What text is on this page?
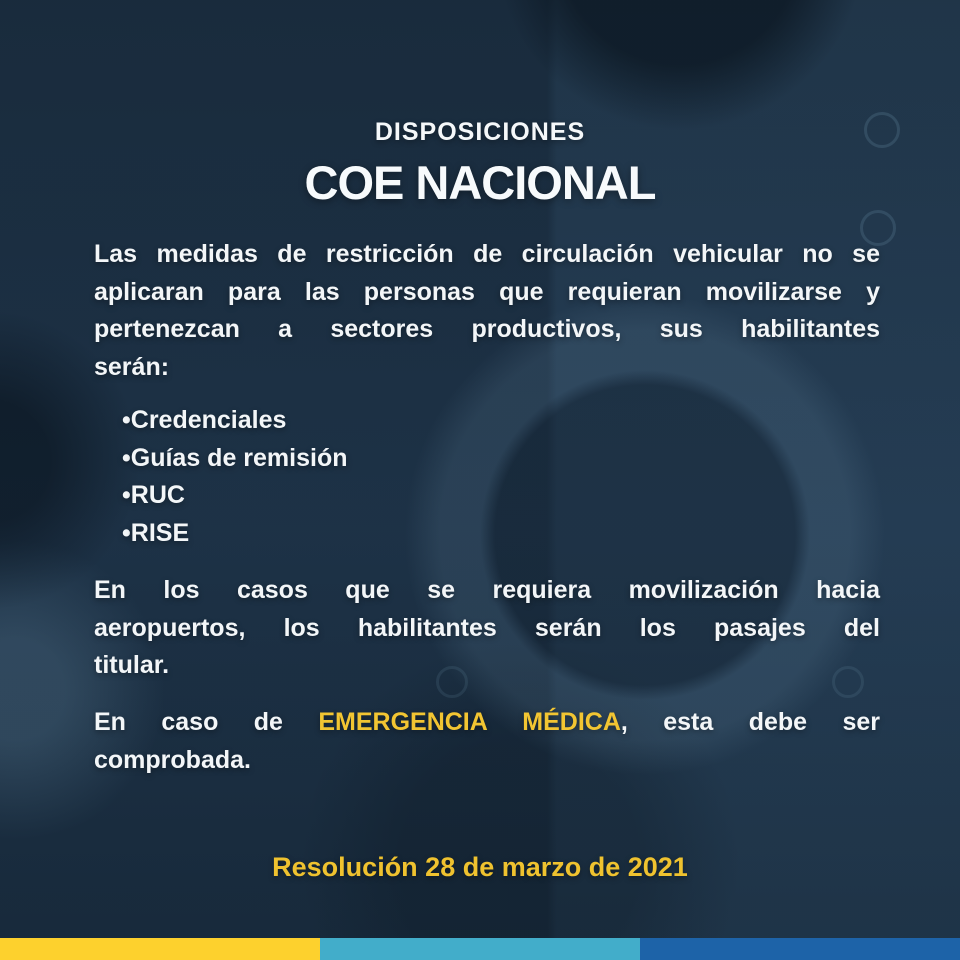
DISPOSICIONES
COE NACIONAL
Las medidas de restricción de circulación vehicular no se
aplicaran para las personas que requieran movilizarse y
pertenezcan a sectores productivos, sus habilitantes
serán:
•Credenciales
•Guías de remisión
•RUC
•RISE
En los casos que se requiera movilización hacia
aeropuertos, los habilitantes serán los pasajes del
titular.
En caso de EMERGENCIA MÉDICA, esta debe ser
comprobada.
Resolución 28 de marzo de 2021
